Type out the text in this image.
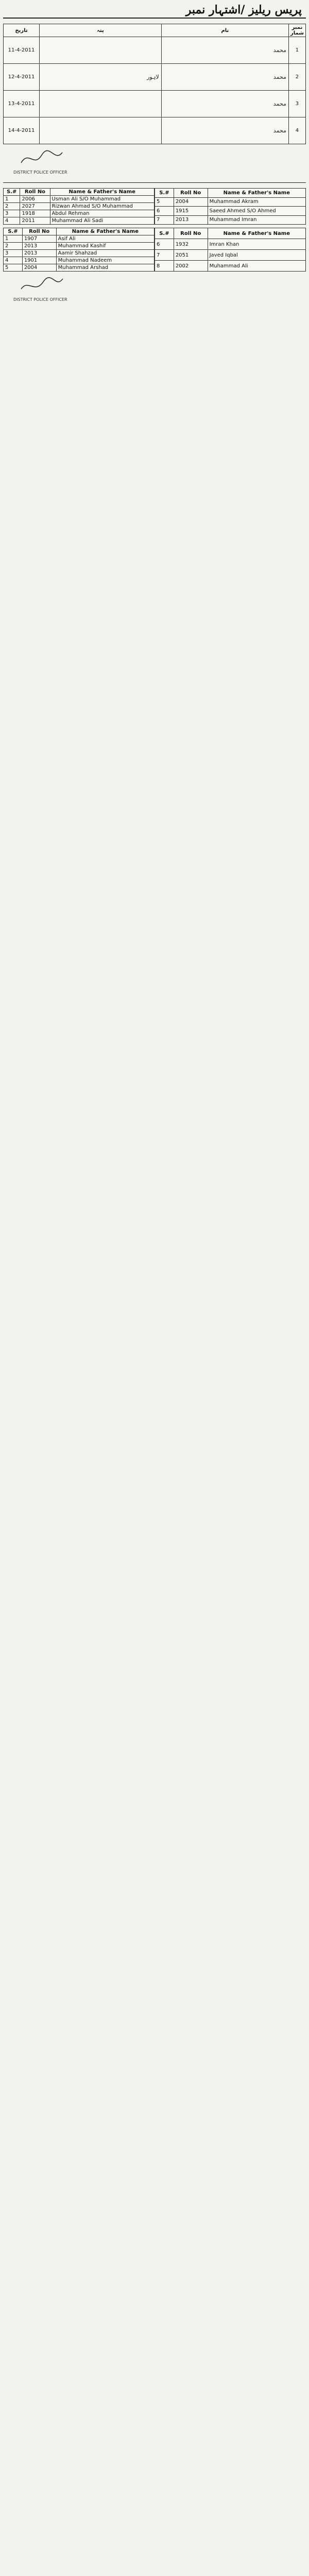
پریس ریلیز /اشتہار نمبر
تاریخ	پتہ	نام	نمبر شمار
11-4-2011		محمد	1
12-4-2011	لاہور	محمد	2
13-4-2011		محمد	3
14-4-2011		محمد	4
DISTRICT POLICE OFFICER
S.#	Roll No	Name & Father's Name
1	2006	Usman Ali S/O Muhammad
2	2027	Rizwan Ahmad S/O Muhammad
3	1918	Abdul Rehman
4	2011	Muhammad Ali Sadi
S.#	Roll No	Name & Father's Name
5	2004	Muhammad Akram
6	1915	Saeed Ahmed S/O Ahmed
7	2013	Muhammad Imran
S.#	Roll No	Name & Father's Name
1	1907	Asif Ali
2	2013	Muhammad Kashif
3	2013	Aamir Shahzad
4	1901	Muhammad Nadeem
5	2004	Muhammad Arshad
S.#	Roll No	Name & Father's Name
6	1932	Imran Khan
7	2051	Javed Iqbal
8	2002	Muhammad Ali
DISTRICT POLICE OFFICER
